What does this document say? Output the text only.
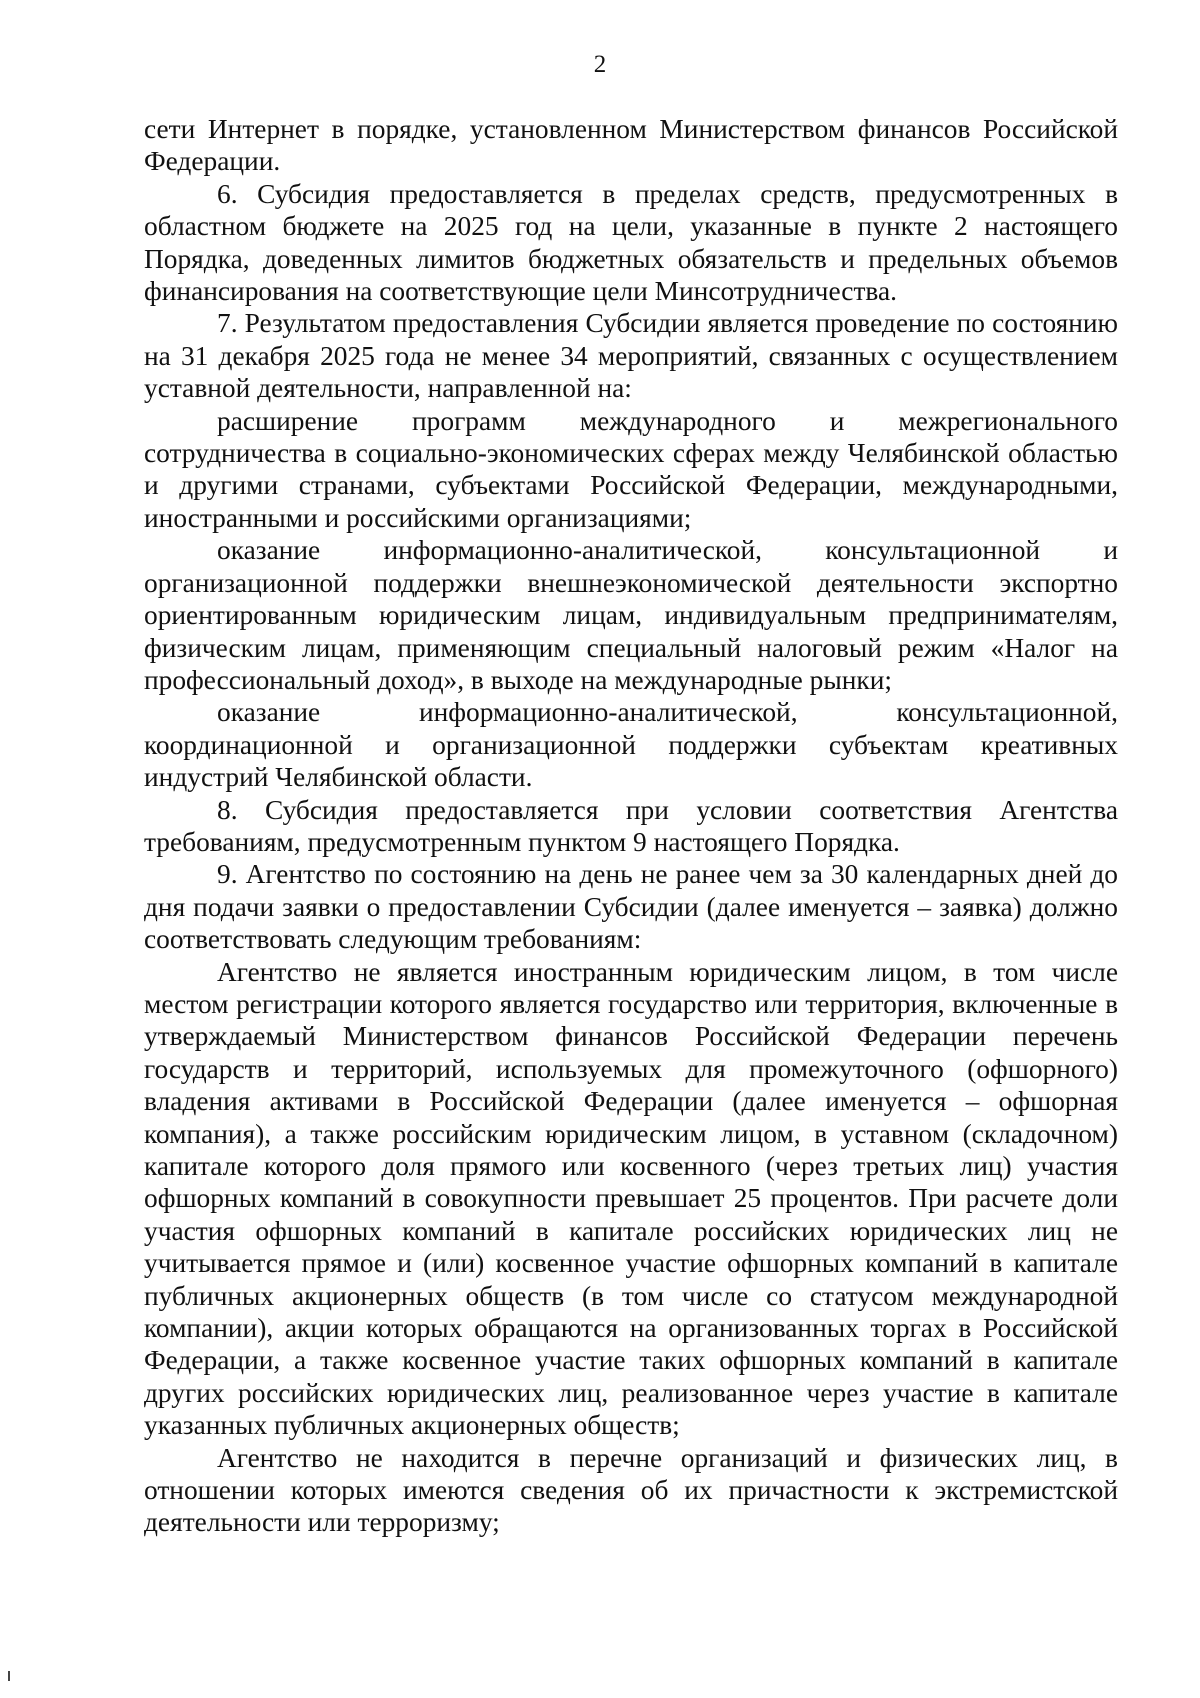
2

сети Интернет в порядке, установленном Министерством финансов Российской Федерации.

6. Субсидия предоставляется в пределах средств, предусмотренных в областном бюджете на 2025 год на цели, указанные в пункте 2 настоящего Порядка, доведенных лимитов бюджетных обязательств и предельных объемов финансирования на соответствующие цели Минсотрудничества.

7. Результатом предоставления Субсидии является проведение по состоянию на 31 декабря 2025 года не менее 34 мероприятий, связанных с осуществлением уставной деятельности, направленной на:

расширение программ международного и межрегионального сотрудничества в социально-экономических сферах между Челябинской областью и другими странами, субъектами Российской Федерации, международными, иностранными и российскими организациями;

оказание информационно-аналитической, консультационной и организационной поддержки внешнеэкономической деятельности экспортно ориентированным юридическим лицам, индивидуальным предпринимателям, физическим лицам, применяющим специальный налоговый режим «Налог на профессиональный доход», в выходе на международные рынки;

оказание информационно-аналитической, консультационной, координационной и организационной поддержки субъектам креативных индустрий Челябинской области.

8. Субсидия предоставляется при условии соответствия Агентства требованиям, предусмотренным пунктом 9 настоящего Порядка.

9. Агентство по состоянию на день не ранее чем за 30 календарных дней до дня подачи заявки о предоставлении Субсидии (далее именуется – заявка) должно соответствовать следующим требованиям:

Агентство не является иностранным юридическим лицом, в том числе местом регистрации которого является государство или территория, включенные в утверждаемый Министерством финансов Российской Федерации перечень государств и территорий, используемых для промежуточного (офшорного) владения активами в Российской Федерации (далее именуется – офшорная компания), а также российским юридическим лицом, в уставном (складочном) капитале которого доля прямого или косвенного (через третьих лиц) участия офшорных компаний в совокупности превышает 25 процентов. При расчете доли участия офшорных компаний в капитале российских юридических лиц не учитывается прямое и (или) косвенное участие офшорных компаний в капитале публичных акционерных обществ (в том числе со статусом международной компании), акции которых обращаются на организованных торгах в Российской Федерации, а также косвенное участие таких офшорных компаний в капитале других российских юридических лиц, реализованное через участие в капитале указанных публичных акционерных обществ;

Агентство не находится в перечне организаций и физических лиц, в отношении которых имеются сведения об их причастности к экстремистской деятельности или терроризму;
